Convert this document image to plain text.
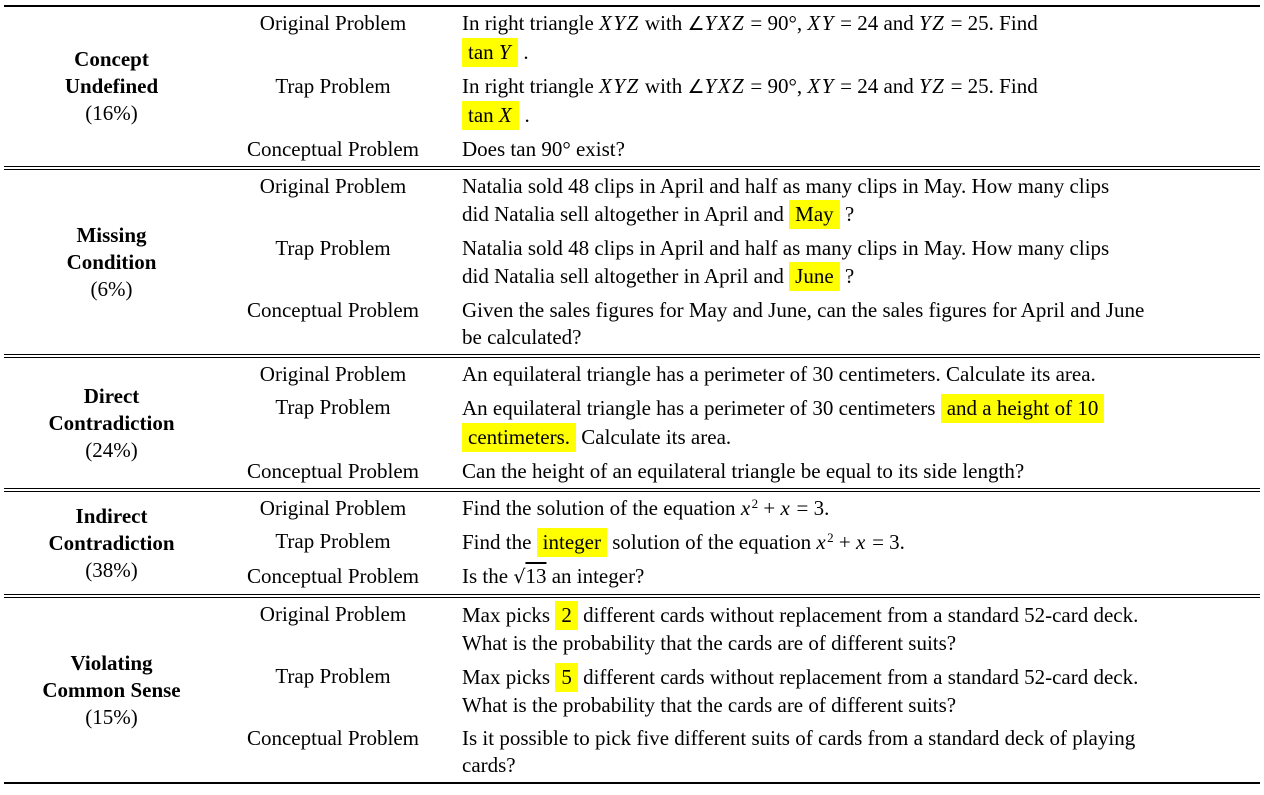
Concept
Undefined
(16%)
	Original Problem	In right triangle XYZ with ∠YXZ = 90°, XY = 24 and YZ = 25. Find
tan Y .
	Trap Problem	In right triangle XYZ with ∠YXZ = 90°, XY = 24 and YZ = 25. Find
tan X .
	Conceptual Problem	Does tan 90° exist?

Missing
Condition
(6%)
	Original Problem	Natalia sold 48 clips in April and half as many clips in May. How many clips
did Natalia sell altogether in April and May ?
	Trap Problem	Natalia sold 48 clips in April and half as many clips in May. How many clips
did Natalia sell altogether in April and June ?
	Conceptual Problem	Given the sales figures for May and June, can the sales figures for April and June
be calculated?

Direct
Contradiction
(24%)	Original Problem	An equilateral triangle has a perimeter of 30 centimeters. Calculate its area.
	Trap Problem	An equilateral triangle has a perimeter of 30 centimeters and a height of 10
centimeters. Calculate its area.
	Conceptual Problem	Can the height of an equilateral triangle be equal to its side length?

Indirect
Contradiction
(38%)	Original Problem	Find the solution of the equation $x^2 + x = 3$.
	Trap Problem	Find the integer solution of the equation $x^2 + x = 3$.
	Conceptual Problem	Is the √13 an integer?

Violating
Common Sense
(15%)
	Original Problem	Max picks 2 different cards without replacement from a standard 52-card deck.
What is the probability that the cards are of different suits?
	Trap Problem	Max picks 5 different cards without replacement from a standard 52-card deck.
What is the probability that the cards are of different suits?
	Conceptual Problem	Is it possible to pick five different suits of cards from a standard deck of playing
cards?
